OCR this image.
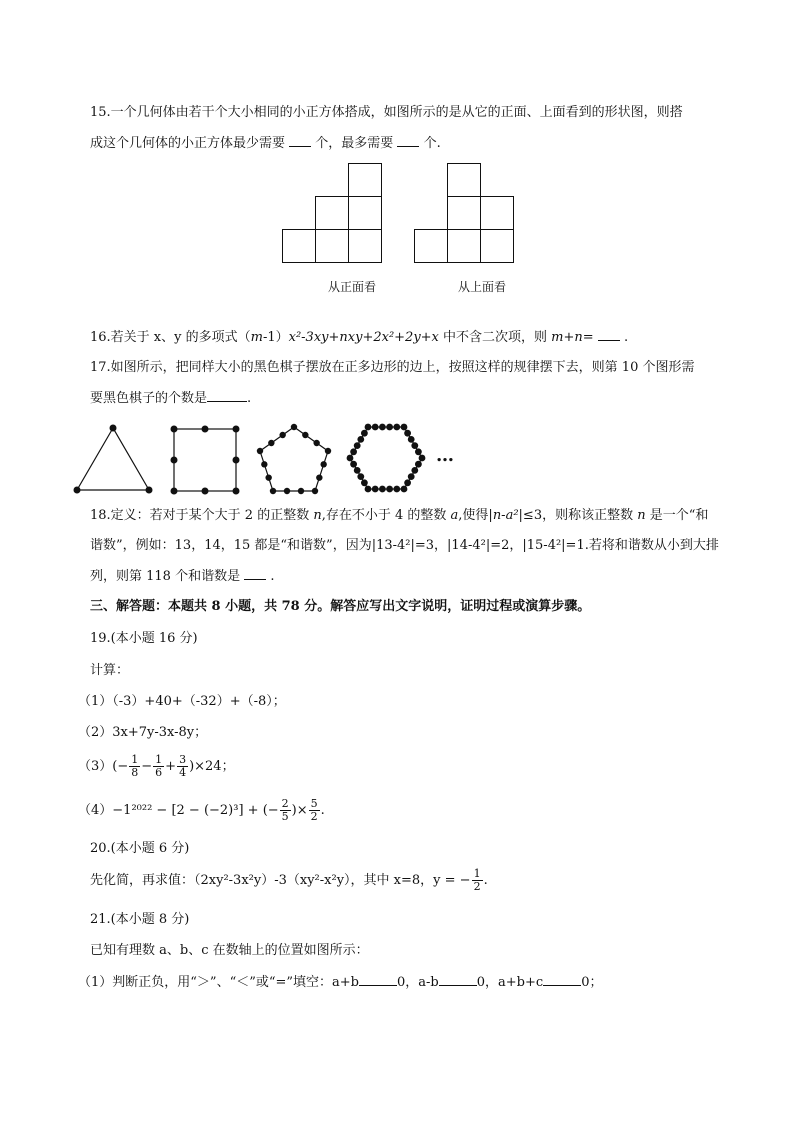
15.一个几何体由若干个大小相同的小正方体搭成，如图所示的是从它的正面、上面看到的形状图，则搭
成这个几何体的小正方体最少需要 个，最多需要 个.
从正面看	从上面看
16.若关于 x、y 的多项式（m-1）x²-3xy+nxy+2x²+2y+x 中不含二次项，则 m+n= .
17.如图所示，把同样大小的黑色棋子摆放在正多边形的边上，按照这样的规律摆下去，则第 10 个图形需
要黑色棋子的个数是	.
…
18.定义：若对于某个大于 2 的正整数 n,存在不小于 4 的整数 a,使得|n-a²|≤3，则称该正整数 n 是一个“和
谐数”，例如：13，14，15 都是“和谐数”，因为|13-4²|=3，|14-4²|=2，|15-4²|=1.若将和谐数从小到大排
列，则第 118 个和谐数是 .
三、解答题：本题共 8 小题，共 78 分。解答应写出文字说明，证明过程或演算步骤。
19.(本小题 16 分)
计算：
（1）（-3）+40+（-32）+（-8）；
（2）3x+7y-3x-8y；
$(3)(- \frac{1}{8} - \frac{1}{6} + \frac{3}{4} )\times 24$；
（4）−1²⁰²² − [2 − (−2)³] + (− $\frac{2}{5}$ )× $\frac{5}{2}$ .
20.(本小题 6 分)
先化简，再求值：（2xy²-3x²y）-3（xy²-x²y），其中 x=8，y = − $\frac{1}{2}$ .
21.(本小题 8 分)
已知有理数 a、b、c 在数轴上的位置如图所示：
（1）判断正负，用“＞”、“＜”或“=”填空：a+b	0，a-b	0，a+b+c	0；
